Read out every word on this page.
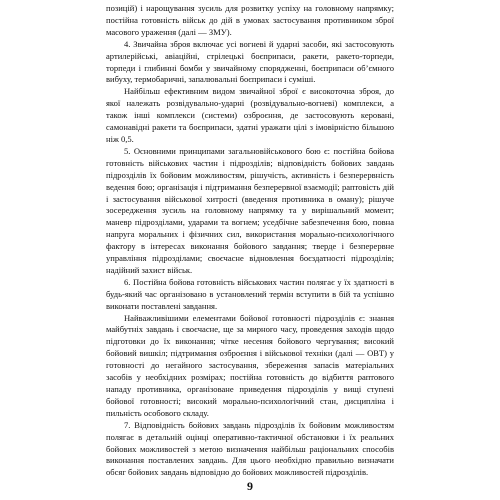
позицій) і нарощування зусиль для розвитку успіху на головному напрямку; постійна готовність військ до дій в умовах застосування противником зброї масового ураження (далі — ЗМУ).

4. Звичайна зброя включає усі вогневі й ударні засоби, які застосовують артилерійські, авіаційні, стрілецькі боєприпаси, ракети, ракето-торпеди, торпеди і глибинні бомби у звичайному спорядженні, боєприпаси об’ємного вибуху, термобаричні, запалювальні боєприпаси і суміші.

Найбільш ефективним видом звичайної зброї є високоточна зброя, до якої належать розвідувально-ударні (розвідувально-вогневі) комплекси, а також інші комплекси (системи) озброєння, де застосовують керовані, самонавідні ракети та боєприпаси, здатні уражати цілі з імовірністю більшою ніж 0,5.

5. Основними принципами загальновійськового бою є: постійна бойова готовність військових частин і підрозділів; відповідність бойових завдань підрозділів їх бойовим можливостям, рішучість, активність і безперервність ведення бою; організація і підтримання безперервної взаємодії; раптовість дій і застосування військової хитрості (введення противника в оману); рішуче зосередження зусиль на головному напрямку та у вирішальний момент; маневр підрозділами, ударами та вогнем; уседбічне забезпечення бою, повна напруга моральних і фізичних сил, використання морально-психологічного фактору в інтересах виконання бойового завдання; тверде і безперервне управління підрозділами; своєчасне відновлення боєздатності підрозділів; надійний захист військ.

6. Постійна бойова готовність військових частин полягає у їх здатності в будь-який час організовано в установлений термін вступити в бій та успішно виконати поставлені завдання.

Найважливішими елементами бойової готовності підрозділів є: знання майбутніх завдань і своєчасне, ще за мирного часу, проведення заходів щодо підготовки до їх виконання; чітке несення бойового чергування; високий бойовий вишкіл; підтримання озброєння і військової техніки (далі — ОВТ) у готовності до негайного застосування, збереження запасів матеріальних засобів у необхідних розмірах; постійна готовність до відбиття раптового нападу противника, організоване приведення підрозділів у вищі ступені бойової готовності; високий морально-психологічний стан, дисципліна і пильність особового складу.

7. Відповідність бойових завдань підрозділів їх бойовим можливостям полягає в детальній оцінці оперативно-тактичної обстановки і їх реальних бойових можливостей з метою визначення найбільш раціональних способів виконання поставлених завдань. Для цього необхідно правильно визначати обсяг бойових завдань відповідно до бойових можливостей підрозділів.

9
